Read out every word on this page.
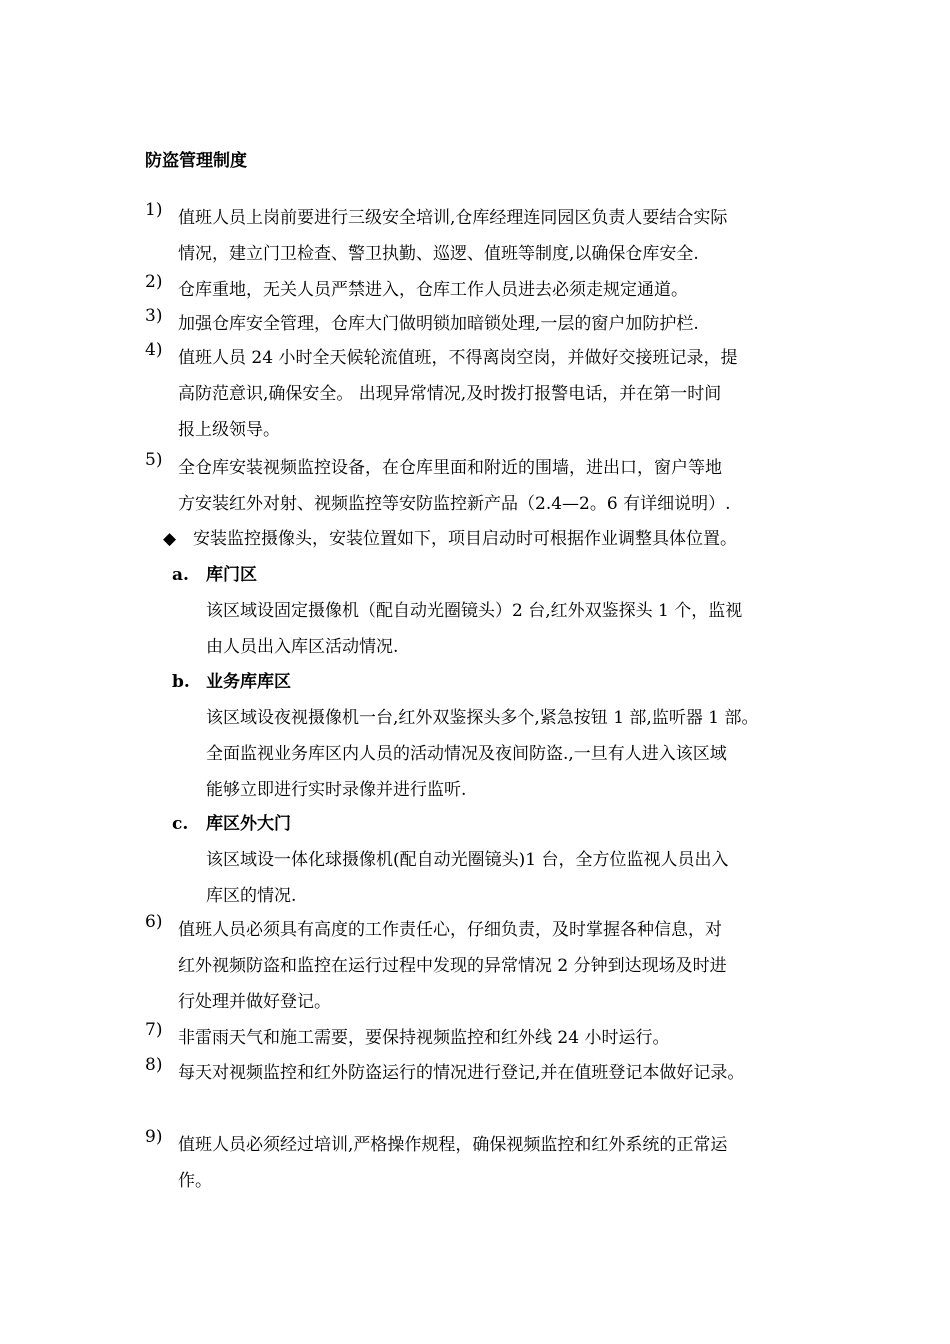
防盗管理制度
1) 值班人员上岗前要进行三级安全培训,仓库经理连同园区负责人要结合实际
情况，建立门卫检查、警卫执勤、巡逻、值班等制度,以确保仓库安全.
2) 仓库重地，无关人员严禁进入，仓库工作人员进去必须走规定通道。
3) 加强仓库安全管理，仓库大门做明锁加暗锁处理,一层的窗户加防护栏.
4) 值班人员 24 小时全天候轮流值班，不得离岗空岗，并做好交接班记录，提
高防范意识,确保安全。 出现异常情况,及时拨打报警电话，并在第一时间
报上级领导。
5) 全仓库安装视频监控设备，在仓库里面和附近的围墙，进出口，窗户等地
方安装红外对射、视频监控等安防监控新产品（2.4—2。6 有详细说明）.
◆ 安装监控摄像头，安装位置如下，项目启动时可根据作业调整具体位置。
a. 库门区
该区域设固定摄像机（配自动光圈镜头）2 台,红外双鉴探头 1 个，监视
由人员出入库区活动情况.
b. 业务库库区
该区域设夜视摄像机一台,红外双鉴探头多个,紧急按钮 1 部,监听器 1 部。
全面监视业务库区内人员的活动情况及夜间防盗.,一旦有人进入该区域
能够立即进行实时录像并进行监听.
c. 库区外大门
该区域设一体化球摄像机(配自动光圈镜头)1 台，全方位监视人员出入
库区的情况.
6) 值班人员必须具有高度的工作责任心，仔细负责，及时掌握各种信息，对
红外视频防盗和监控在运行过程中发现的异常情况 2 分钟到达现场及时进
行处理并做好登记。
7) 非雷雨天气和施工需要，要保持视频监控和红外线 24 小时运行。
8) 每天对视频监控和红外防盗运行的情况进行登记,并在值班登记本做好记录。
9) 值班人员必须经过培训,严格操作规程，确保视频监控和红外系统的正常运
作。
